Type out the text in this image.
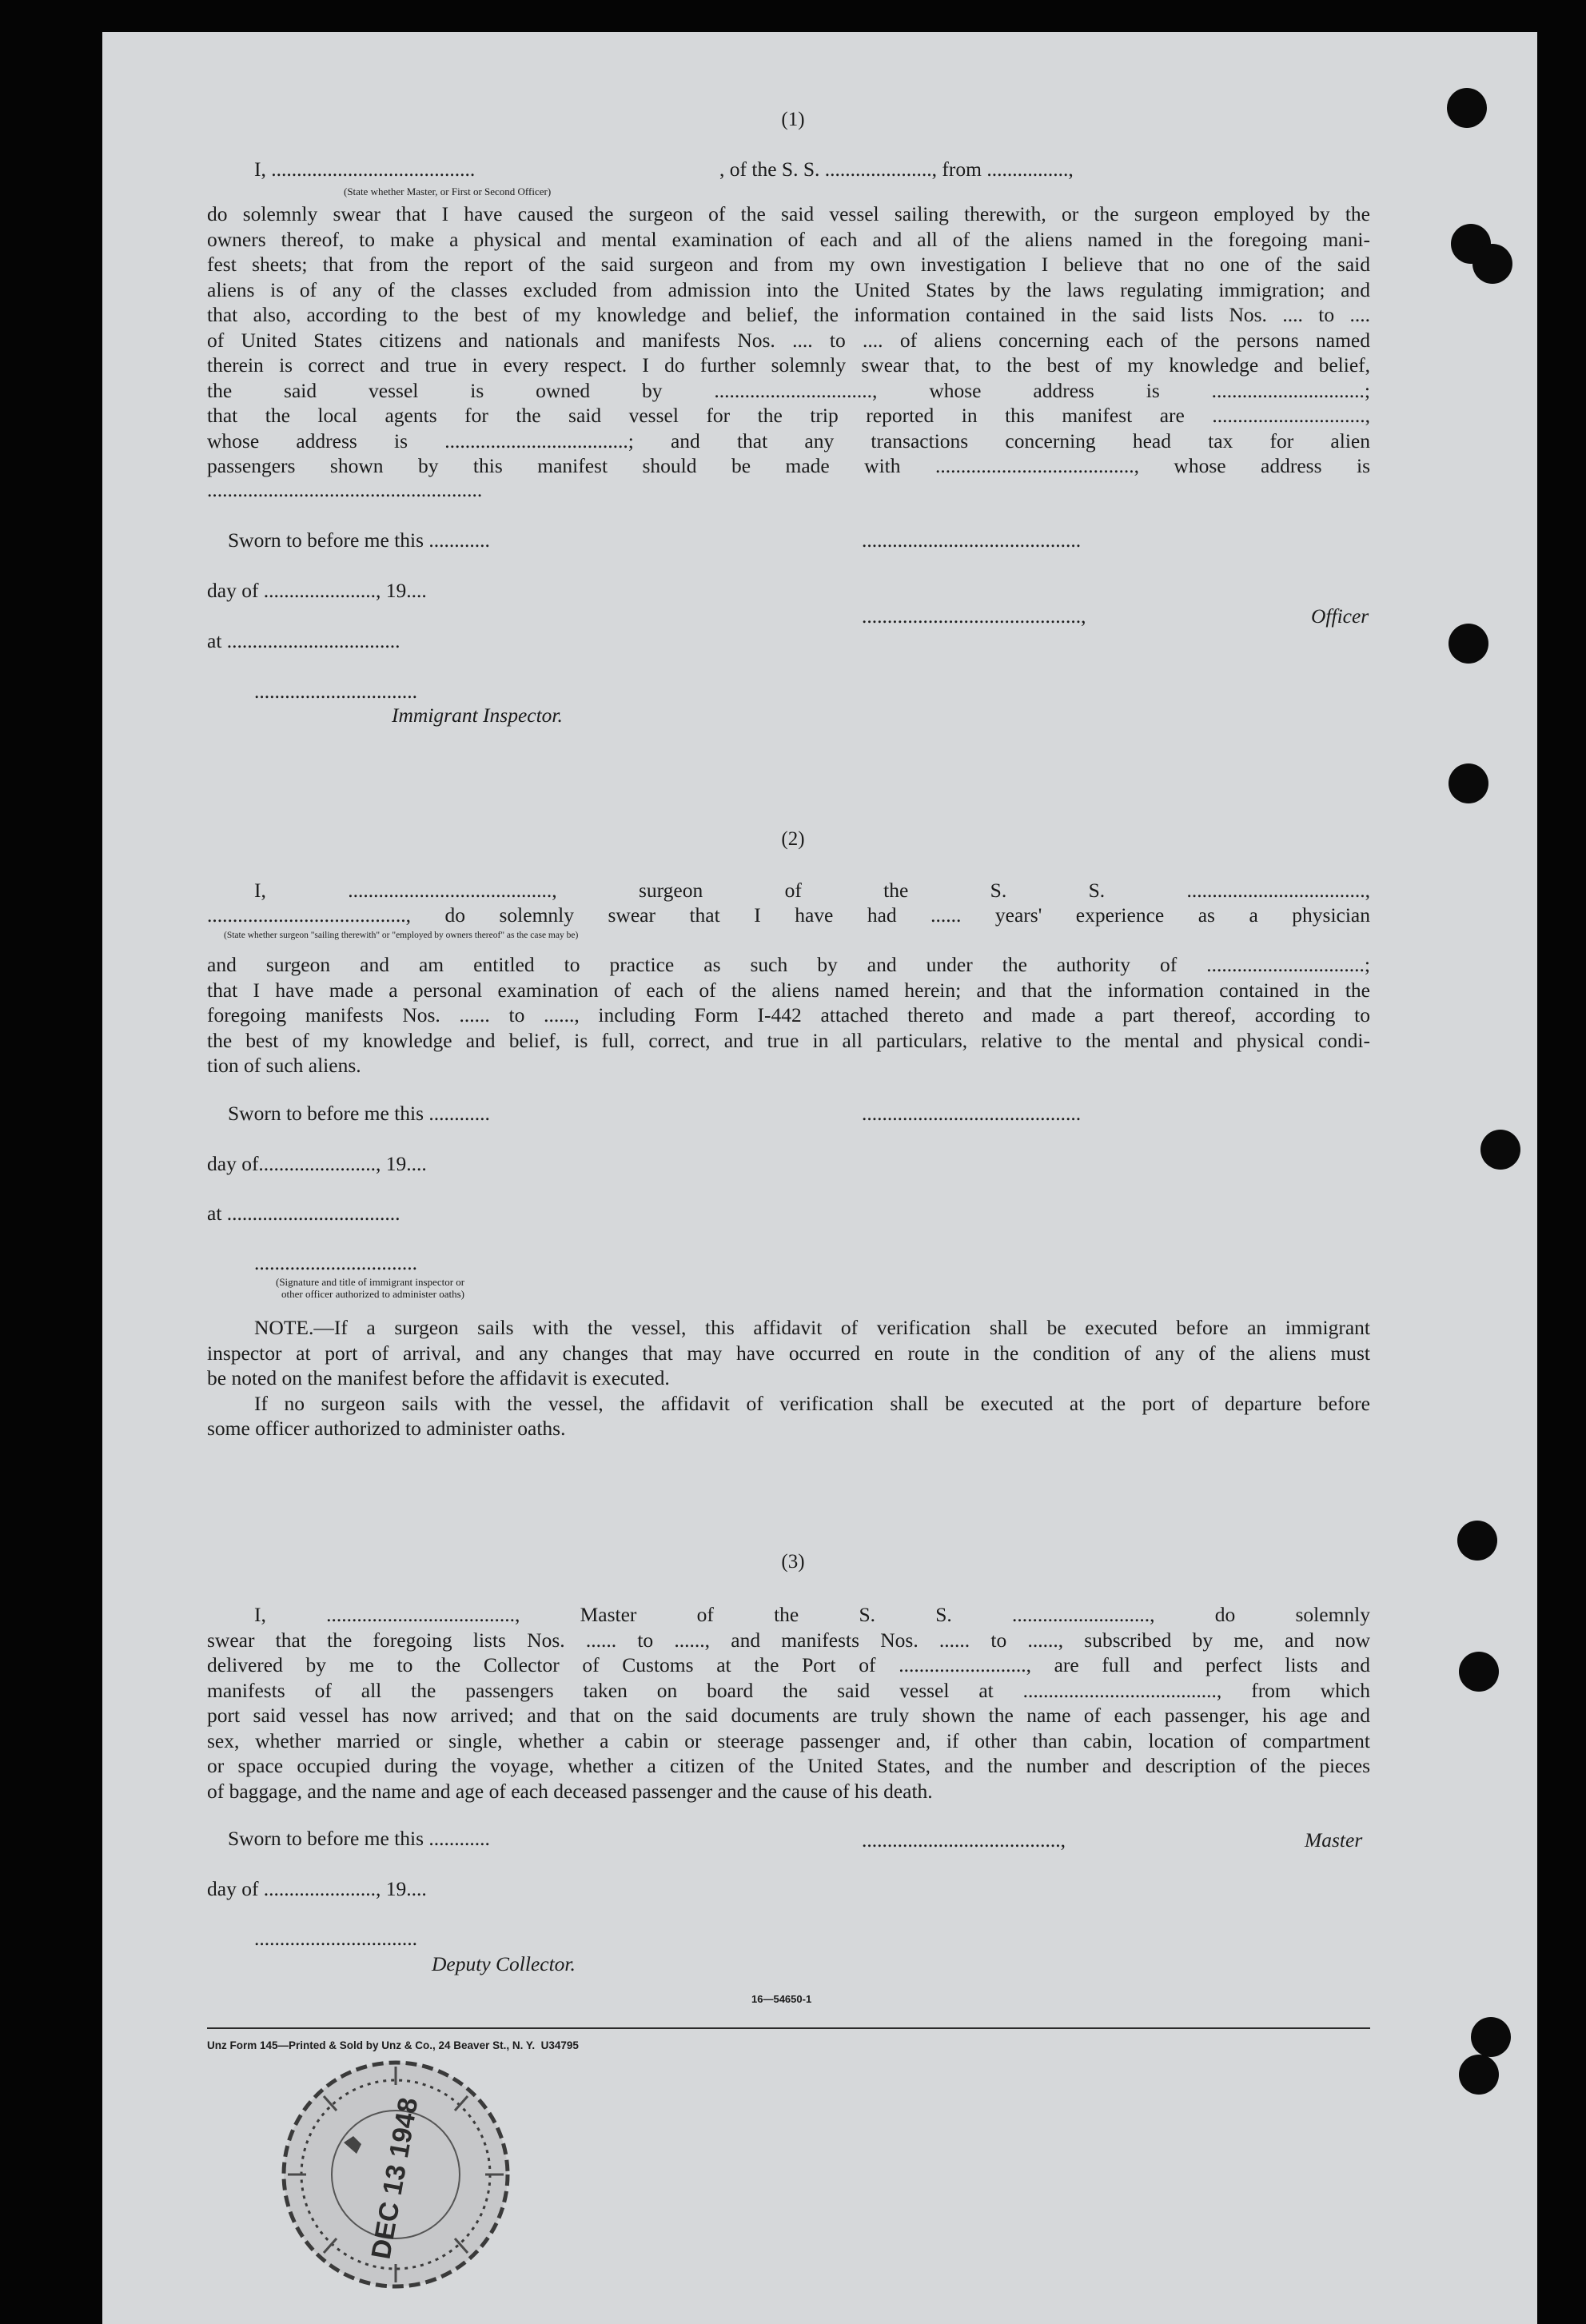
(1)
I, ........................................	, of the S. S. ....................., from ................,
(State whether Master, or First or Second Officer)
do solemnly swear that I have caused the surgeon of the said vessel sailing therewith, or the surgeon employed by the
owners thereof, to make a physical and mental examination of each and all of the aliens named in the foregoing mani-
fest sheets; that from the report of the said surgeon and from my own investigation I believe that no one of the said
aliens is of any of the classes excluded from admission into the United States by the laws regulating immigration; and
that also, according to the best of my knowledge and belief, the information contained in the said lists Nos. .... to ....
of United States citizens and nationals and manifests Nos. .... to .... of aliens concerning each of the persons named
therein is correct and true in every respect. I do further solemnly swear that, to the best of my knowledge and belief,
the said vessel is owned by ..............................., whose address is ..............................;
that the local agents for the said vessel for the trip reported in this manifest are ..............................,
whose address is ....................................; and that any transactions concerning head tax for alien
passengers shown by this manifest should be made with ......................................., whose address is
......................................................
Sworn to before me this ............	...........................................
day of ......................, 19....
...........................................,	Officer
at ..................................
................................
Immigrant Inspector.
(2)
I, ........................................, surgeon of the S. S. ...................................,
......................................., do solemnly swear that I have had ...... years' experience as a physician
(State whether surgeon "sailing therewith" or "employed by owners thereof" as the case may be)
and surgeon and am entitled to practice as such by and under the authority of ...............................;
that I have made a personal examination of each of the aliens named herein; and that the information contained in the
foregoing manifests Nos. ...... to ......, including Form I-442 attached thereto and made a part thereof, according to
the best of my knowledge and belief, is full, correct, and true in all particulars, relative to the mental and physical condi-
tion of such aliens.
Sworn to before me this ............	...........................................
day of......................., 19....
at ..................................
................................
(Signature and title of immigrant inspector or
other officer authorized to administer oaths)
NOTE.—If a surgeon sails with the vessel, this affidavit of verification shall be executed before an immigrant
inspector at port of arrival, and any changes that may have occurred en route in the condition of any of the aliens must
be noted on the manifest before the affidavit is executed.
If no surgeon sails with the vessel, the affidavit of verification shall be executed at the port of departure before
some officer authorized to administer oaths.
(3)
I, ....................................., Master of the S. S. ..........................., do solemnly
swear that the foregoing lists Nos. ...... to ......, and manifests Nos. ...... to ......, subscribed by me, and now
delivered by me to the Collector of Customs at the Port of ........................., are full and perfect lists and
manifests of all the passengers taken on board the said vessel at ......................................, from which
port said vessel has now arrived; and that on the said documents are truly shown the name of each passenger, his age and
sex, whether married or single, whether a cabin or steerage passenger and, if other than cabin, location of compartment
or space occupied during the voyage, whether a citizen of the United States, and the number and description of the pieces
of baggage, and the name and age of each deceased passenger and the cause of his death.
Sworn to before me this ............	.......................................,	Master
day of ......................, 19....
................................
Deputy Collector.
16—54650-1
Unz Form 145—Printed & Sold by Unz & Co., 24 Beaver St., N. Y.  U34795
DEC 13 1948
